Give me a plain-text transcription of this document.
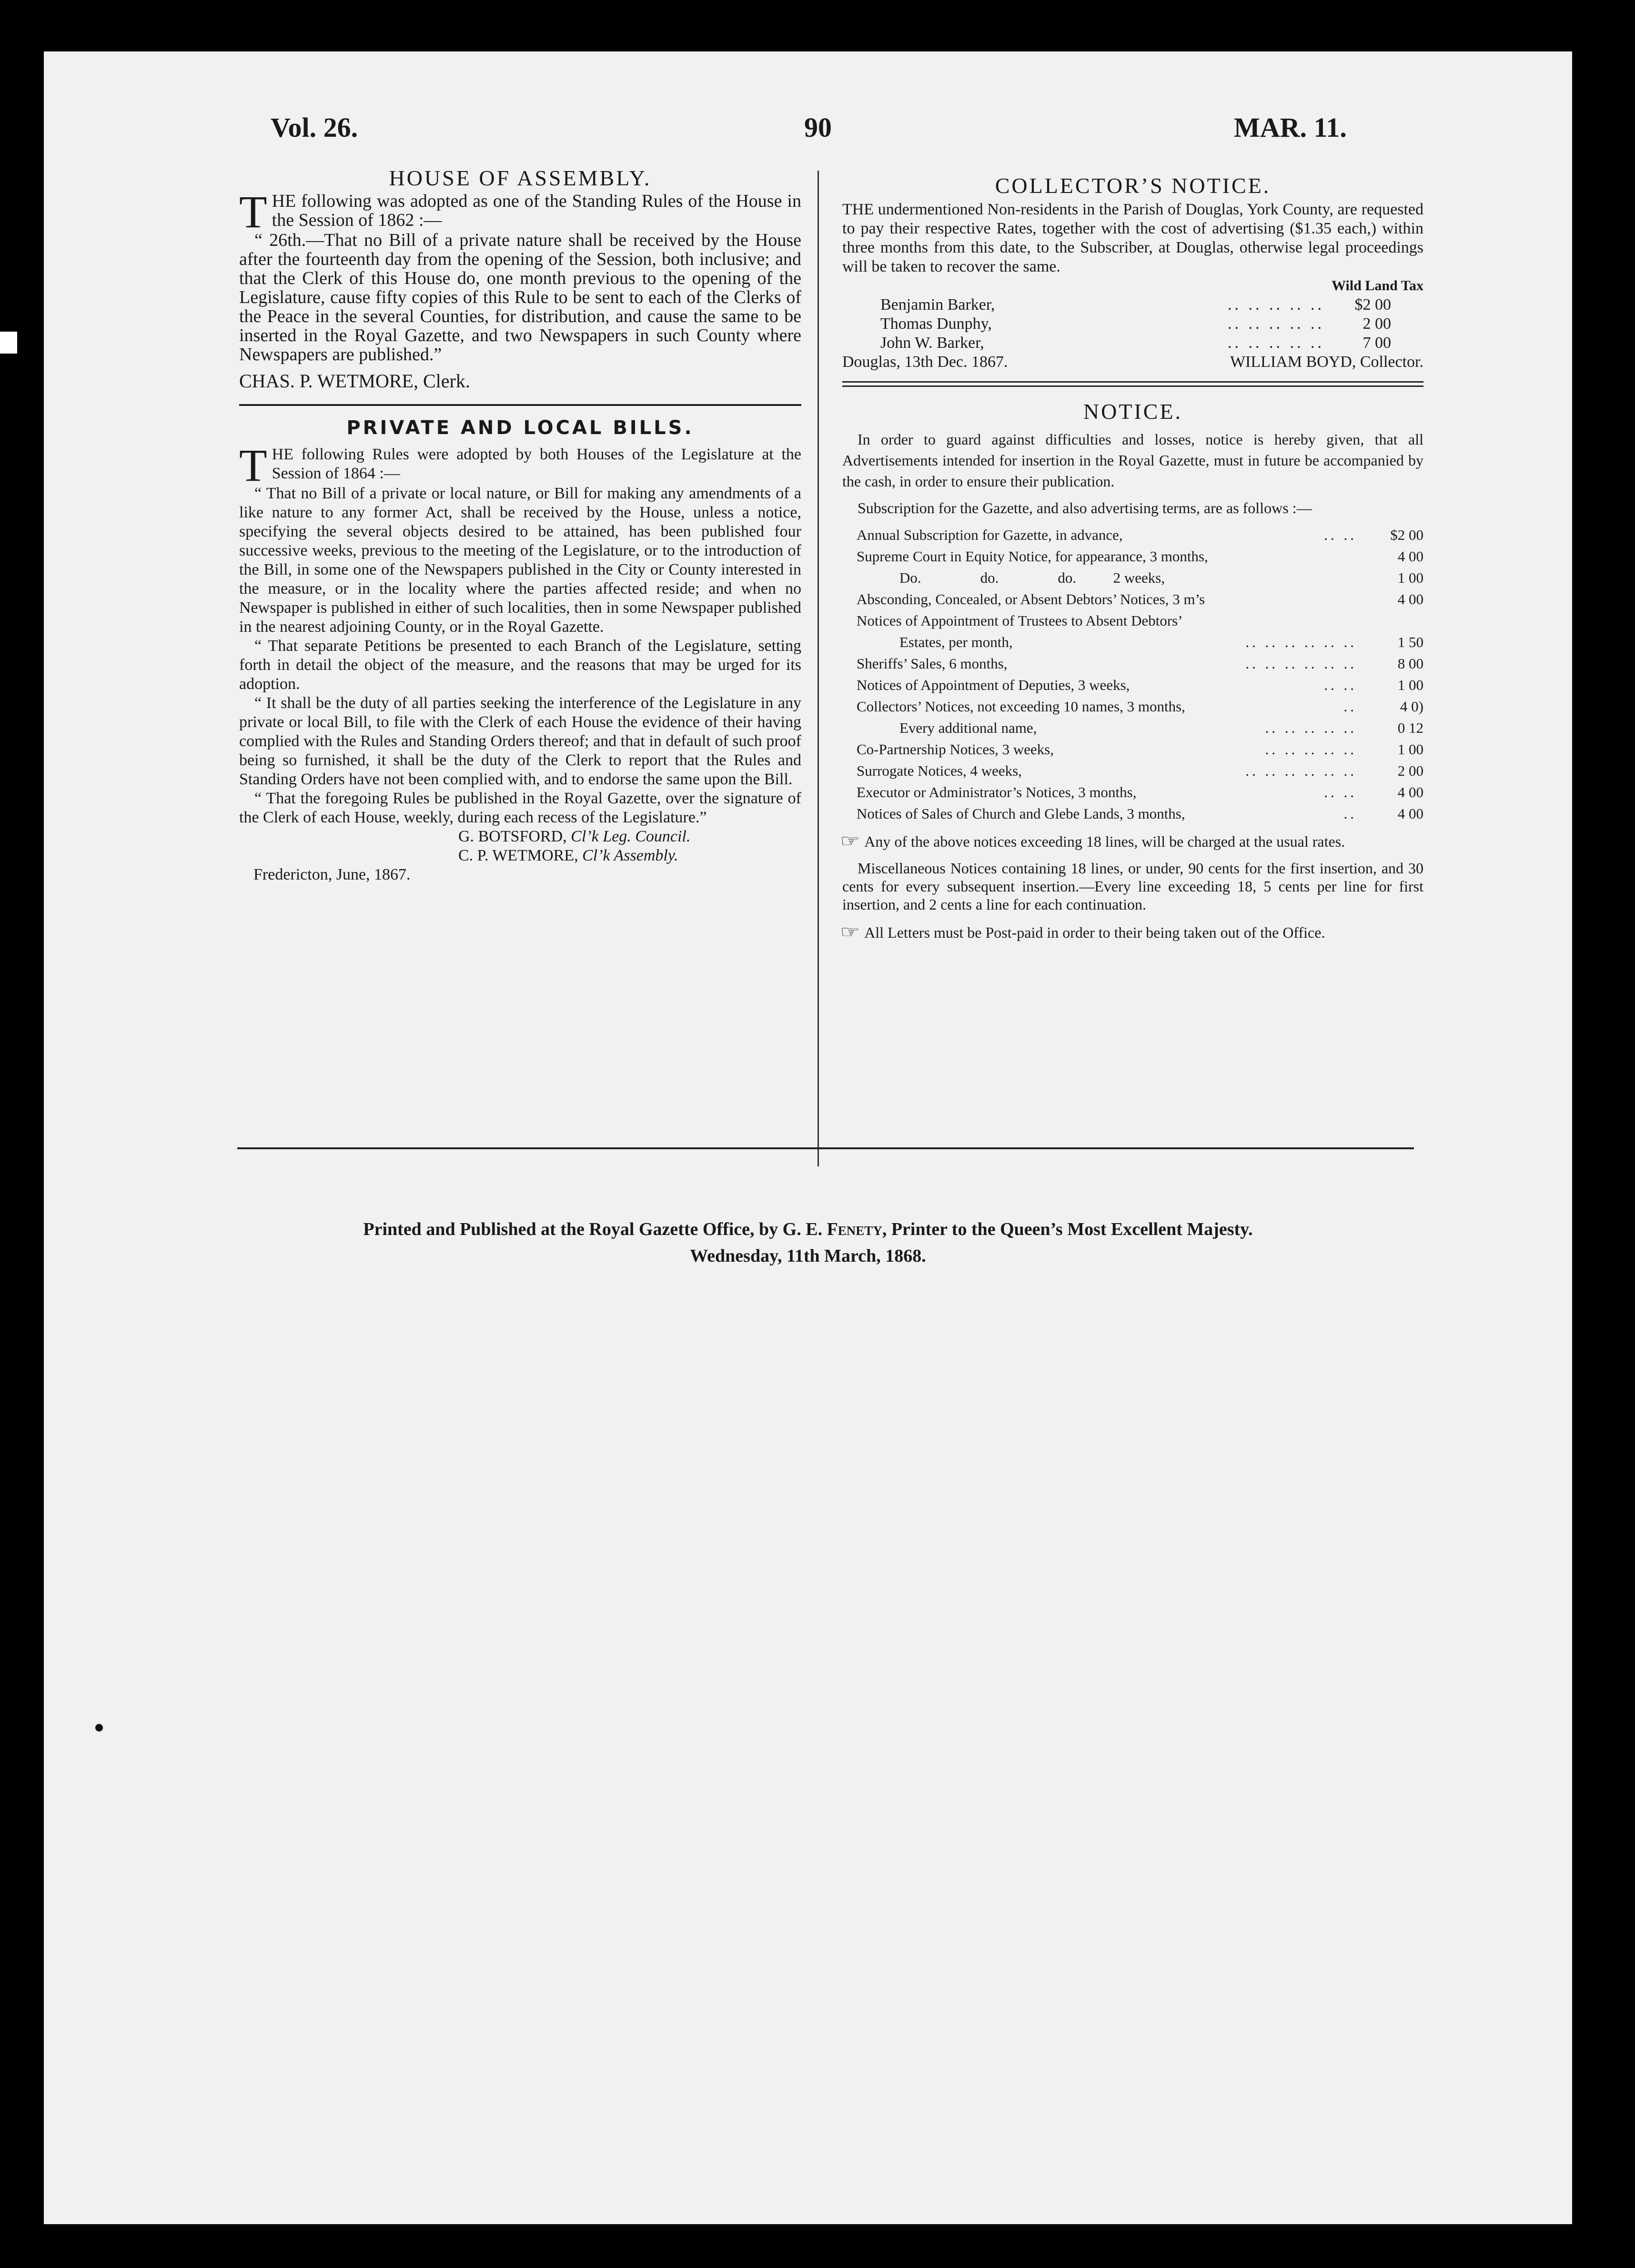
Vol. 26.	90	MAR. 11.
HOUSE OF ASSEMBLY.

THE following was adopted as one of the Standing Rules of the House in the Session of 1862 :—

“ 26th.—That no Bill of a private nature shall be received by the House after the fourteenth day from the opening of the Session, both inclusive; and that the Clerk of this House do, one month previous to the opening of the Legislature, cause fifty copies of this Rule to be sent to each of the Clerks of the Peace in the several Counties, for distribution, and cause the same to be inserted in the Royal Gazette, and two Newspapers in such County where Newspapers are published.”

CHAS. P. WETMORE, Clerk.

PRIVATE AND LOCAL BILLS.

THE following Rules were adopted by both Houses of the Legislature at the Session of 1864 :—

“ That no Bill of a private or local nature, or Bill for making any amendments of a like nature to any former Act, shall be received by the House, unless a notice, specifying the several objects desired to be attained, has been published four successive weeks, previous to the meeting of the Legislature, or to the introduction of the Bill, in some one of the Newspapers published in the City or County interested in the measure, or in the locality where the parties affected reside; and when no Newspaper is published in either of such localities, then in some Newspaper published in the nearest adjoining County, or in the Royal Gazette.

“ That separate Petitions be presented to each Branch of the Legislature, setting forth in detail the object of the measure, and the reasons that may be urged for its adoption.

“ It shall be the duty of all parties seeking the interference of the Legislature in any private or local Bill, to file with the Clerk of each House the evidence of their having complied with the Rules and Standing Orders thereof; and that in default of such proof being so furnished, it shall be the duty of the Clerk to report that the Rules and Standing Orders have not been complied with, and to endorse the same upon the Bill.

“ That the foregoing Rules be published in the Royal Gazette, over the signature of the Clerk of each House, weekly, during each recess of the Legislature.”

G. BOTSFORD, Cl’k Leg. Council.

C. P. WETMORE, Cl’k Assembly.

Fredericton, June, 1867.

COLLECTOR’S NOTICE.

THE undermentioned Non-residents in the Parish of Douglas, York County, are requested to pay their respective Rates, together with the cost of advertising ($1.35 each,) within three months from this date, to the Subscriber, at Douglas, otherwise legal proceedings will be taken to recover the same.

Wild Land Tax

Benjamin Barker,	.. .. .. .. ..	$2 00
Thomas Dunphy,	.. .. .. .. ..	2 00
John W. Barker,	.. .. .. .. ..	7 00
Douglas, 13th Dec. 1867.	WILLIAM BOYD, Collector.
NOTICE.

In order to guard against difficulties and losses, notice is hereby given, that all Advertisements intended for insertion in the Royal Gazette, must in future be accompanied by the cash, in order to ensure their publication.

Subscription for the Gazette, and also advertising terms, are as follows :—

Annual Subscription for Gazette, in advance,	.. ..	$2 00
Supreme Court in Equity Notice, for appearance, 3 months,	4 00
Do.                do.                do.          2 weeks,	1 00
Absconding, Concealed, or Absent Debtors’ Notices, 3 m’s	4 00
Notices of Appointment of Trustees to Absent Debtors’
Estates, per month,	.. .. .. .. .. ..	1 50
Sheriffs’ Sales, 6 months,	.. .. .. .. .. ..	8 00
Notices of Appointment of Deputies, 3 weeks,	.. ..	1 00
Collectors’ Notices, not exceeding 10 names, 3 months,	..	4 0)
Every additional name,	.. .. .. .. ..	0 12
Co-Partnership Notices, 3 weeks,	.. .. .. .. ..	1 00
Surrogate Notices, 4 weeks,	.. .. .. .. .. ..	2 00
Executor or Administrator’s Notices, 3 months,	.. ..	4 00
Notices of Sales of Church and Glebe Lands, 3 months,	..	4 00

☞ Any of the above notices exceeding 18 lines, will be charged at the usual rates.

Miscellaneous Notices containing 18 lines, or under, 90 cents for the first insertion, and 30 cents for every subsequent insertion.—Every line exceeding 18, 5 cents per line for first insertion, and 2 cents a line for each continuation.

☞ All Letters must be Post-paid in order to their being taken out of the Office.

Printed and Published at the Royal Gazette Office, by G. E. Fenety, Printer to the Queen’s Most Excellent Majesty.
Wednesday, 11th March, 1868.
